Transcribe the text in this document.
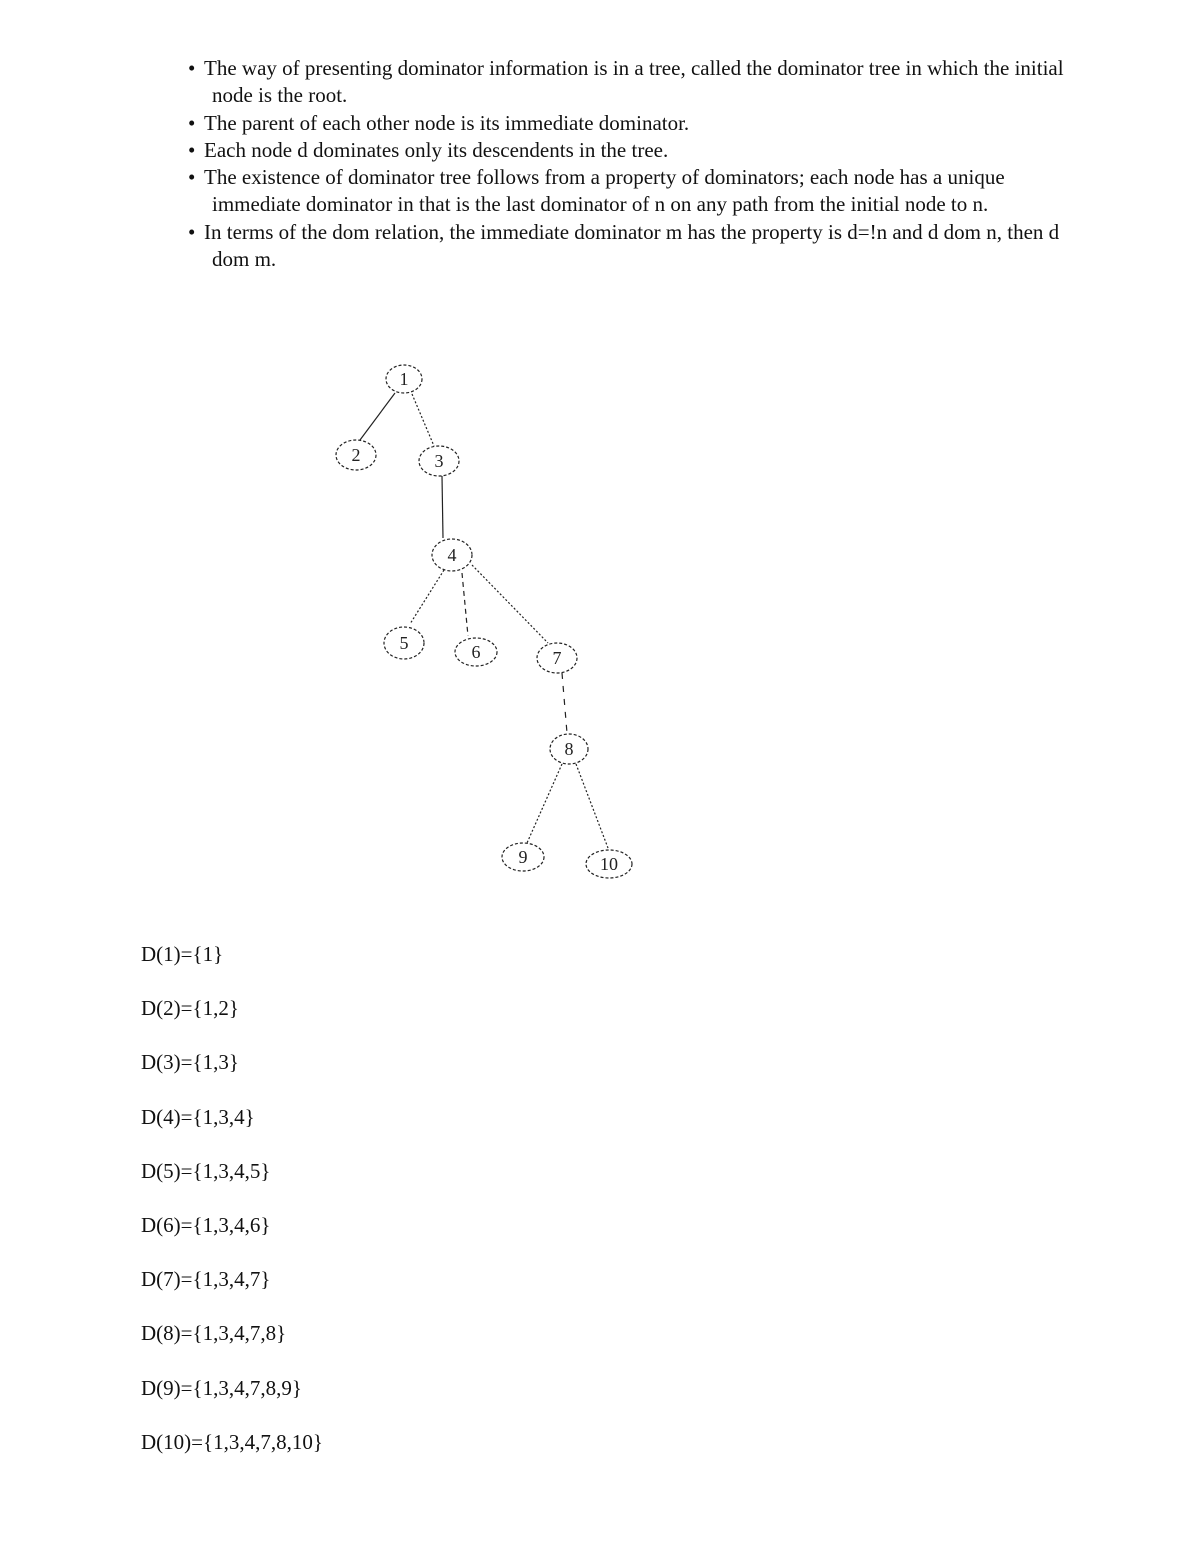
• The way of presenting dominator information is in a tree, called the dominator tree in which the initial node is the root.
• The parent of each other node is its immediate dominator.
• Each node d dominates only its descendents in the tree.
• The existence of dominator tree follows from a property of dominators; each node has a unique immediate dominator in that is the last dominator of n on any path from the initial node to n.
• In terms of the dom relation, the immediate dominator m has the property is d=!n and d dom n, then d dom m.
1
2	3
4
5	6	7
8
9	10
D(1)={1}
D(2)={1,2}
D(3)={1,3}
D(4)={1,3,4}
D(5)={1,3,4,5}
D(6)={1,3,4,6}
D(7)={1,3,4,7}
D(8)={1,3,4,7,8}
D(9)={1,3,4,7,8,9}
D(10)={1,3,4,7,8,10}
